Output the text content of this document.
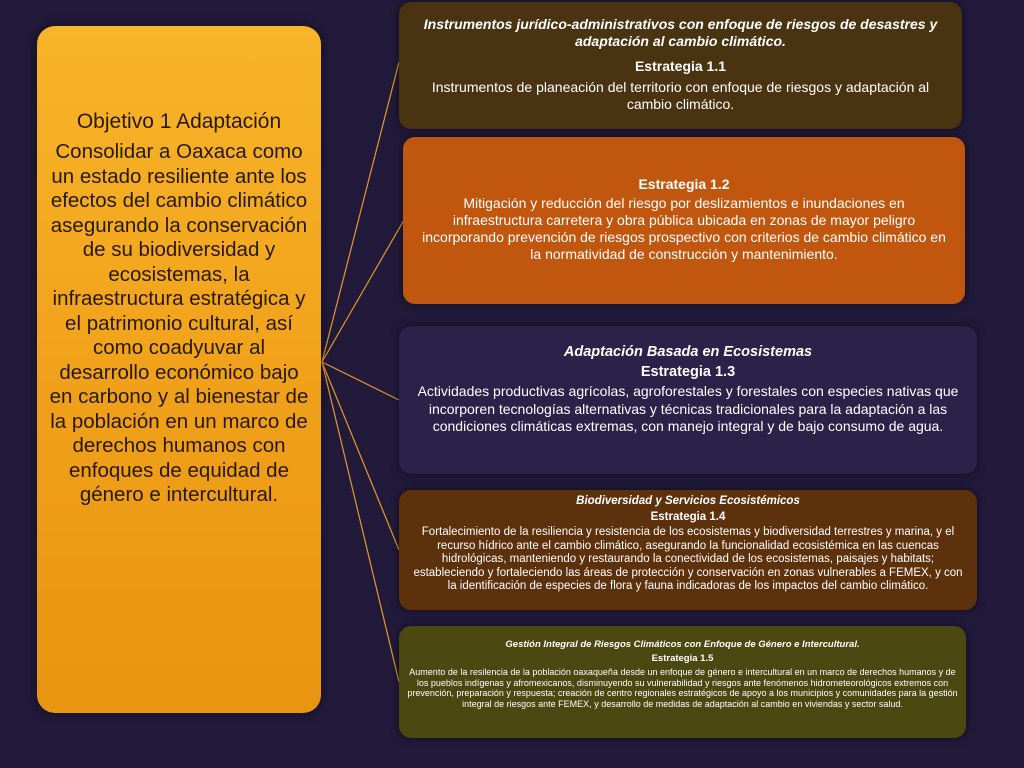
Objetivo 1 Adaptación
Consolidar a Oaxaca como un estado resiliente ante los efectos del cambio climático asegurando la conservación de su biodiversidad y ecosistemas, la infraestructura estratégica y el patrimonio cultural, así como coadyuvar al desarrollo económico bajo en carbono y al bienestar de la población en un marco de derechos humanos con enfoques de equidad de género e intercultural.
Instrumentos jurídico-administrativos con enfoque de riesgos de desastres y adaptación al cambio climático.
Estrategia 1.1
Instrumentos de planeación del territorio con enfoque de riesgos y adaptación al cambio climático.
Estrategia 1.2
Mitigación y reducción del riesgo por deslizamientos e inundaciones en infraestructura carretera y obra pública ubicada en zonas de mayor peligro incorporando prevención de riesgos prospectivo con criterios de cambio climático en la normatividad de construcción y mantenimiento.
Adaptación Basada en Ecosistemas
Estrategia 1.3
Actividades productivas agrícolas, agroforestales y forestales con especies nativas que incorporen tecnologías alternativas y técnicas tradicionales para la adaptación a las condiciones climáticas extremas, con manejo integral y de bajo consumo de agua.
Biodiversidad y Servicios Ecosistémicos
Estrategia 1.4
Fortalecimiento de la resiliencia y resistencia de los ecosistemas y biodiversidad terrestres y marina, y el recurso hídrico ante el cambio climático, asegurando la funcionalidad ecosistémica en las cuencas hidrológicas, manteniendo y restaurando la conectividad de los ecosistemas, paisajes y habitats; estableciendo y fortaleciendo las áreas de protección y conservación en zonas vulnerables a FEMEX, y con la identificación de especies de flora y fauna indicadoras de los impactos del cambio climático.
Gestión Integral de Riesgos Climáticos con Enfoque de Género e Intercultural.
Estrategia 1.5
Aumento de la resilencia de la población oaxaqueña desde un enfoque de género e intercultural en un marco de derechos humanos y de los pueblos indígenas y afromexicanos, disminuyendo su vulnerabilidad y riesgos ante fenómenos hidrometeorológicos extremos con prevención, preparación y respuesta; creación de centro regionales estratégicos de apoyo a los municipios y comunidades para la gestión integral de riesgos ante FEMEX, y desarrollo de medidas de adaptación al cambio en viviendas y sector salud.
